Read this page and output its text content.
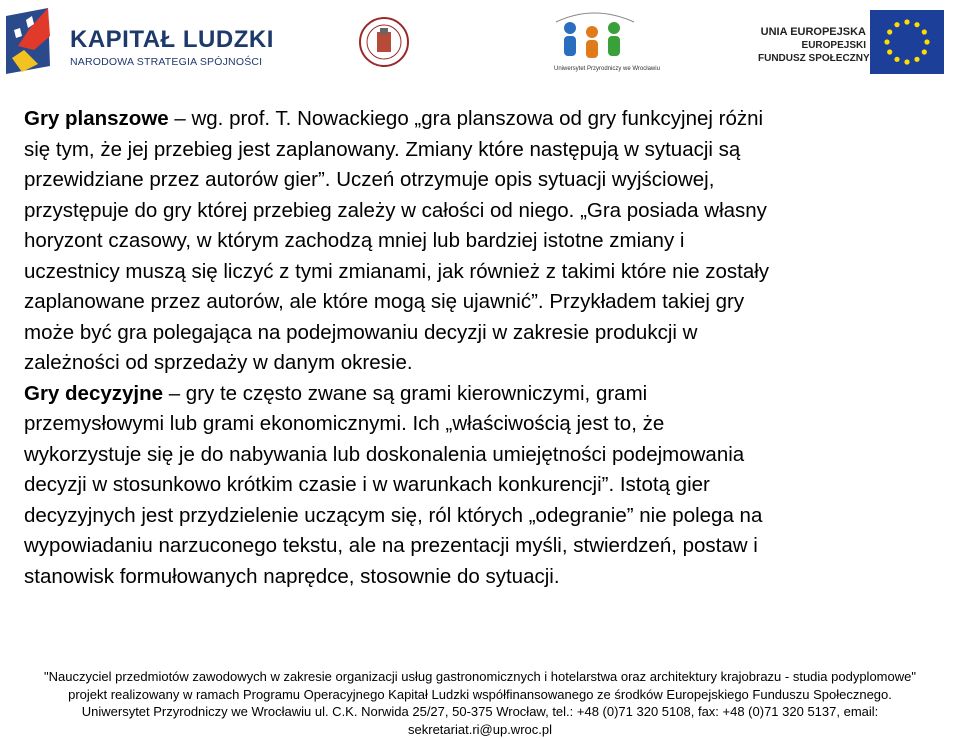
KAPITAŁ LUDZKI
NARODOWA STRATEGIA SPÓJNOŚCI
Uniwersytet Przyrodniczy we Wrocławiu
UNIA EUROPEJSKA
EUROPEJSKI
FUNDUSZ SPOŁECZNY

Gry planszowe – wg. prof. T. Nowackiego „gra planszowa od gry funkcyjnej różni

się tym, że jej przebieg jest zaplanowany. Zmiany które następują w sytuacji są

przewidziane przez autorów gier”. Uczeń otrzymuje opis sytuacji wyjściowej,

przystępuje do gry której przebieg zależy w całości od niego. „Gra posiada własny

horyzont czasowy, w którym zachodzą mniej lub bardziej istotne zmiany i

uczestnicy muszą się liczyć z tymi zmianami, jak również z takimi które nie zostały

zaplanowane przez autorów, ale które mogą się ujawnić”. Przykładem takiej gry

może być gra polegająca na podejmowaniu decyzji w zakresie produkcji w

zależności od sprzedaży w danym okresie.

Gry decyzyjne – gry te często zwane są grami kierowniczymi, grami

przemysłowymi lub grami ekonomicznymi. Ich „właściwością jest to, że

wykorzystuje się je do nabywania lub doskonalenia umiejętności podejmowania

decyzji w stosunkowo krótkim czasie i w warunkach konkurencji”. Istotą gier

decyzyjnych jest przydzielenie uczącym się, ról których „odegranie” nie polega na

wypowiadaniu narzuconego tekstu, ale na prezentacji myśli, stwierdzeń, postaw i

stanowisk formułowanych naprędce, stosownie do sytuacji.

"Nauczyciel przedmiotów zawodowych w zakresie organizacji usług gastronomicznych i hotelarstwa oraz architektury krajobrazu - studia podyplomowe"
projekt realizowany w ramach Programu Operacyjnego Kapitał Ludzki współfinansowanego ze środków Europejskiego Funduszu Społecznego.
Uniwersytet Przyrodniczy we Wrocławiu ul. C.K. Norwida 25/27, 50-375 Wrocław, tel.: +48 (0)71 320 5108, fax: +48 (0)71 320 5137, email:
sekretariat.ri@up.wroc.pl
